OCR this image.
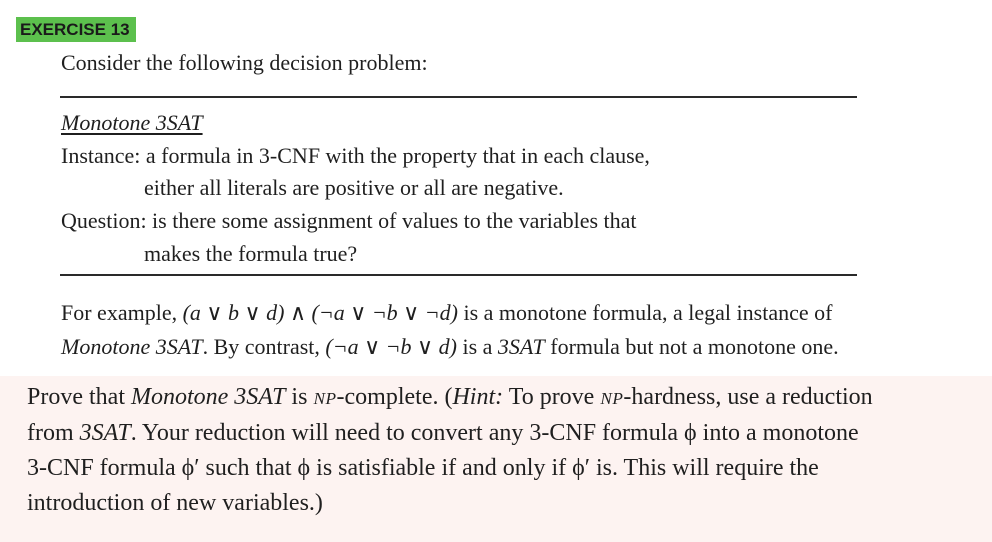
EXERCISE 13
Consider the following decision problem:
Monotone 3SAT
Instance: a formula in 3-CNF with the property that in each clause,
either all literals are positive or all are negative.
Question: is there some assignment of values to the variables that
makes the formula true?
For example, (a ∨ b ∨ d) ∧ (¬a ∨ ¬b ∨ ¬d) is a monotone formula, a legal instance of
Monotone 3SAT. By contrast, (¬a ∨ ¬b ∨ d) is a 3SAT formula but not a monotone one.
Prove that Monotone 3SAT is NP-complete. (Hint: To prove NP-hardness, use a reduction
from 3SAT. Your reduction will need to convert any 3-CNF formula ϕ into a monotone
3-CNF formula ϕ′ such that ϕ is satisfiable if and only if ϕ′ is. This will require the
introduction of new variables.)
